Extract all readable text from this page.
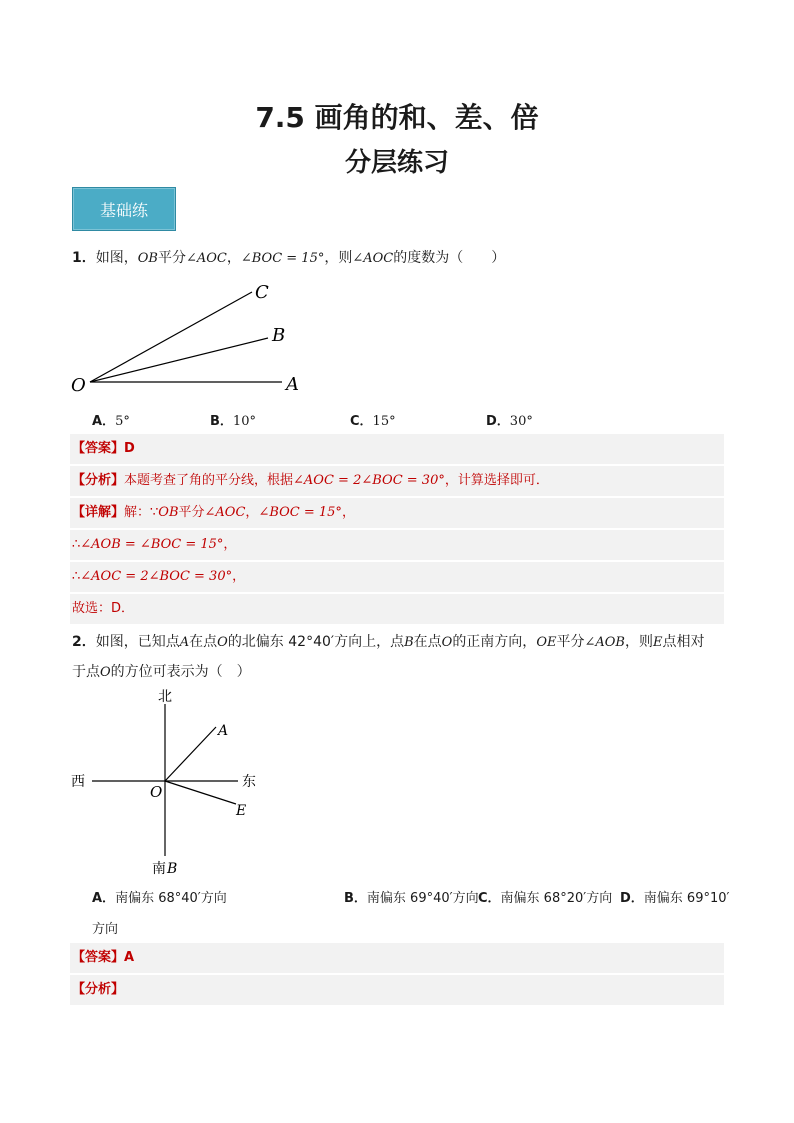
7.5 画角的和、差、倍
分层练习
基础练
1．如图，OB平分∠AOC，∠BOC = 15°，则∠AOC的度数为（　　）
O	A
B
C
A．5°	B．10°	C．15°	D．30°
【答案】D
【分析】本题考查了角的平分线，根据∠AOC = 2∠BOC = 30°，计算选择即可．
【详解】解：∵OB平分∠AOC，∠BOC = 15°，
∴∠AOB = ∠BOC = 15°，
∴∠AOC = 2∠BOC = 30°，
故选：D．
2．如图，已知点A在点O的北偏东 42°40′方向上，点B在点O的正南方向，OE平分∠AOB，则E点相对
于点O的方位可表示为（　）
北
西	东
南 B
O
A
E
A．南偏东 68°40′方向	B．南偏东 69°40′方向 C．南偏东 68°20′方向 D．南偏东 69°10′
方向
【答案】A
【分析】
